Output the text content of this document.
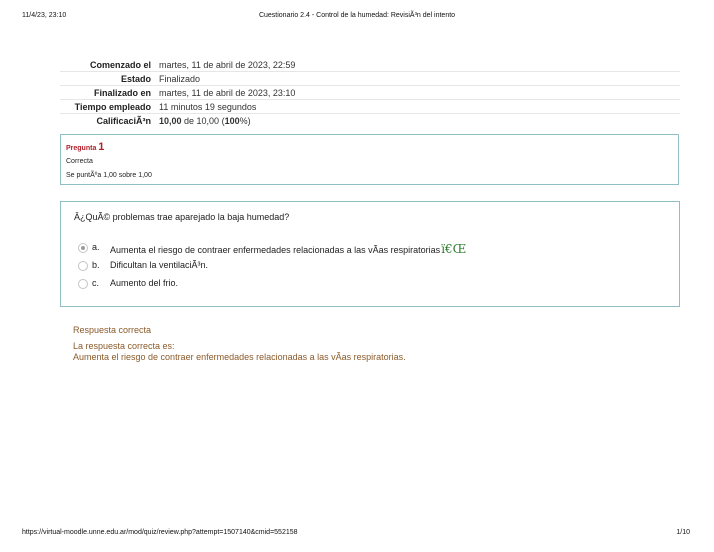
11/4/23, 23:10	Cuestionario 2.4 - Control de la humedad: RevisiÃ³n del intento
Comenzado el	martes, 11 de abril de 2023, 22:59
Estado	Finalizado
Finalizado en	martes, 11 de abril de 2023, 23:10
Tiempo empleado	11 minutos 19 segundos
CalificaciÃ³n	10,00 de 10,00 (100%)
Pregunta 1
Correcta
Se puntÃºa 1,00 sobre 1,00
Â¿QuÃ© problemas trae aparejado la baja humedad?
a. Aumenta el riesgo de contraer enfermedades relacionadas a las vÃas respiratoriasï€Œ
b. Dificultan la ventilaciÃ³n.
c. Aumento del frio.
Respuesta correcta
La respuesta correcta es:
Aumenta el riesgo de contraer enfermedades relacionadas a las vÃas respiratorias.
https://virtual-moodle.unne.edu.ar/mod/quiz/review.php?attempt=1507140&cmid=552158	1/10
